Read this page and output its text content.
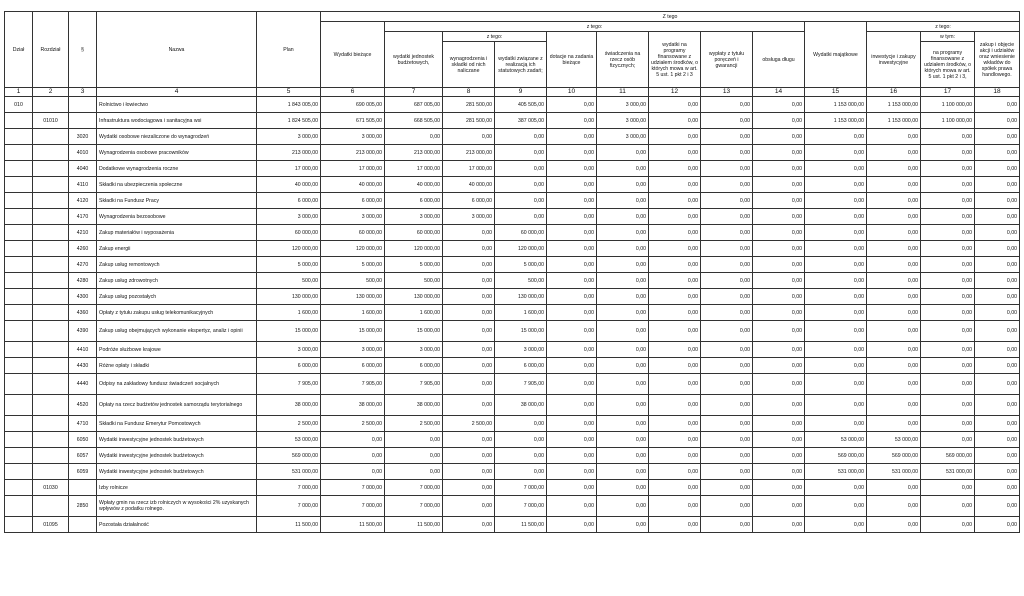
Dział	Rozdział	§	Nazwa	Plan	Z tego												
					Wydatki bieżące	z tego:								Wydatki majątkowe	z tego:		
						wydatki jednostek budżetowych,	z tego:		dotacje na zadania bieżące	świadczenia na rzecz osób fizycznych;	wydatki na programy finansowane z udziałem środków, o których mowa w art. 5 ust. 1 pkt 2 i 3	wypłaty z tytułu poręczeń i gwarancji	obsługa długu		inwestycje i zakupy inwestycyjne	w tym:	zakup i objęcie akcji i udziałów oraz wniesienie wkładów do spółek prawa handlowego.
							wynagrodzenia i składki od nich naliczane	wydatki związane z realizacją ich statutowych zadań;								na programy finansowane z udziałem środków, o których mowa w art. 5 ust. 1 pkt 2 i 3,	
1	2	3	4	5	6	7	8	9	10	11	12	13	14	15	16	17	18
010			Rolnictwo i łowiectwo	1 843 005,00	690 005,00	687 005,00	281 500,00	405 505,00	0,00	3 000,00	0,00	0,00	0,00	1 153 000,00	1 153 000,00	1 100 000,00	0,00
	01010		Infrastruktura wodociągowa i sanitacyjna wsi	1 824 505,00	671 505,00	668 505,00	281 500,00	387 005,00	0,00	3 000,00	0,00	0,00	0,00	1 153 000,00	1 153 000,00	1 100 000,00	0,00
		3020	Wydatki osobowe niezaliczone do wynagrodzeń	3 000,00	3 000,00	0,00	0,00	0,00	0,00	3 000,00	0,00	0,00	0,00	0,00	0,00	0,00	0,00
		4010	Wynagrodzenia osobowe pracowników	213 000,00	213 000,00	213 000,00	213 000,00	0,00	0,00	0,00	0,00	0,00	0,00	0,00	0,00	0,00	0,00
		4040	Dodatkowe wynagrodzenia roczne	17 000,00	17 000,00	17 000,00	17 000,00	0,00	0,00	0,00	0,00	0,00	0,00	0,00	0,00	0,00	0,00
		4110	Składki na ubezpieczenia społeczne	40 000,00	40 000,00	40 000,00	40 000,00	0,00	0,00	0,00	0,00	0,00	0,00	0,00	0,00	0,00	0,00
		4120	Składki na Fundusz Pracy	6 000,00	6 000,00	6 000,00	6 000,00	0,00	0,00	0,00	0,00	0,00	0,00	0,00	0,00	0,00	0,00
		4170	Wynagrodzenia bezosobowe	3 000,00	3 000,00	3 000,00	3 000,00	0,00	0,00	0,00	0,00	0,00	0,00	0,00	0,00	0,00	0,00
		4210	Zakup materiałów i wyposażenia	60 000,00	60 000,00	60 000,00	0,00	60 000,00	0,00	0,00	0,00	0,00	0,00	0,00	0,00	0,00	0,00
		4260	Zakup energii	120 000,00	120 000,00	120 000,00	0,00	120 000,00	0,00	0,00	0,00	0,00	0,00	0,00	0,00	0,00	0,00
		4270	Zakup usług remontowych	5 000,00	5 000,00	5 000,00	0,00	5 000,00	0,00	0,00	0,00	0,00	0,00	0,00	0,00	0,00	0,00
		4280	Zakup usług zdrowotnych	500,00	500,00	500,00	0,00	500,00	0,00	0,00	0,00	0,00	0,00	0,00	0,00	0,00	0,00
		4300	Zakup usług pozostałych	130 000,00	130 000,00	130 000,00	0,00	130 000,00	0,00	0,00	0,00	0,00	0,00	0,00	0,00	0,00	0,00
		4360	Opłaty z tytułu zakupu usług telekomunikacyjnych	1 600,00	1 600,00	1 600,00	0,00	1 600,00	0,00	0,00	0,00	0,00	0,00	0,00	0,00	0,00	0,00
		4390	Zakup usług obejmujących wykonanie ekspertyz, analiz i opinii	15 000,00	15 000,00	15 000,00	0,00	15 000,00	0,00	0,00	0,00	0,00	0,00	0,00	0,00	0,00	0,00
		4410	Podróże służbowe krajowe	3 000,00	3 000,00	3 000,00	0,00	3 000,00	0,00	0,00	0,00	0,00	0,00	0,00	0,00	0,00	0,00
		4430	Różne opłaty i składki	6 000,00	6 000,00	6 000,00	0,00	6 000,00	0,00	0,00	0,00	0,00	0,00	0,00	0,00	0,00	0,00
		4440	Odpisy na zakładowy fundusz świadczeń socjalnych	7 905,00	7 905,00	7 905,00	0,00	7 905,00	0,00	0,00	0,00	0,00	0,00	0,00	0,00	0,00	0,00
		4520	Opłaty na rzecz budżetów jednostek samorządu terytorialnego	38 000,00	38 000,00	38 000,00	0,00	38 000,00	0,00	0,00	0,00	0,00	0,00	0,00	0,00	0,00	0,00
		4710	Składki na Fundusz Emerytur Pomostowych	2 500,00	2 500,00	2 500,00	2 500,00	0,00	0,00	0,00	0,00	0,00	0,00	0,00	0,00	0,00	0,00
		6050	Wydatki inwestycyjne jednostek budżetowych	53 000,00	0,00	0,00	0,00	0,00	0,00	0,00	0,00	0,00	0,00	53 000,00	53 000,00	0,00	0,00
		6057	Wydatki inwestycyjne jednostek budżetowych	569 000,00	0,00	0,00	0,00	0,00	0,00	0,00	0,00	0,00	0,00	569 000,00	569 000,00	569 000,00	0,00
		6059	Wydatki inwestycyjne jednostek budżetowych	531 000,00	0,00	0,00	0,00	0,00	0,00	0,00	0,00	0,00	0,00	531 000,00	531 000,00	531 000,00	0,00
	01030		Izby rolnicze	7 000,00	7 000,00	7 000,00	0,00	7 000,00	0,00	0,00	0,00	0,00	0,00	0,00	0,00	0,00	0,00
		2850	Wpłaty gmin na rzecz izb rolniczych w wysokości 2% uzyskanych wpływów z podatku rolnego.	7 000,00	7 000,00	7 000,00	0,00	7 000,00	0,00	0,00	0,00	0,00	0,00	0,00	0,00	0,00	0,00
	01095		Pozostała działalność	11 500,00	11 500,00	11 500,00	0,00	11 500,00	0,00	0,00	0,00	0,00	0,00	0,00	0,00	0,00	0,00
